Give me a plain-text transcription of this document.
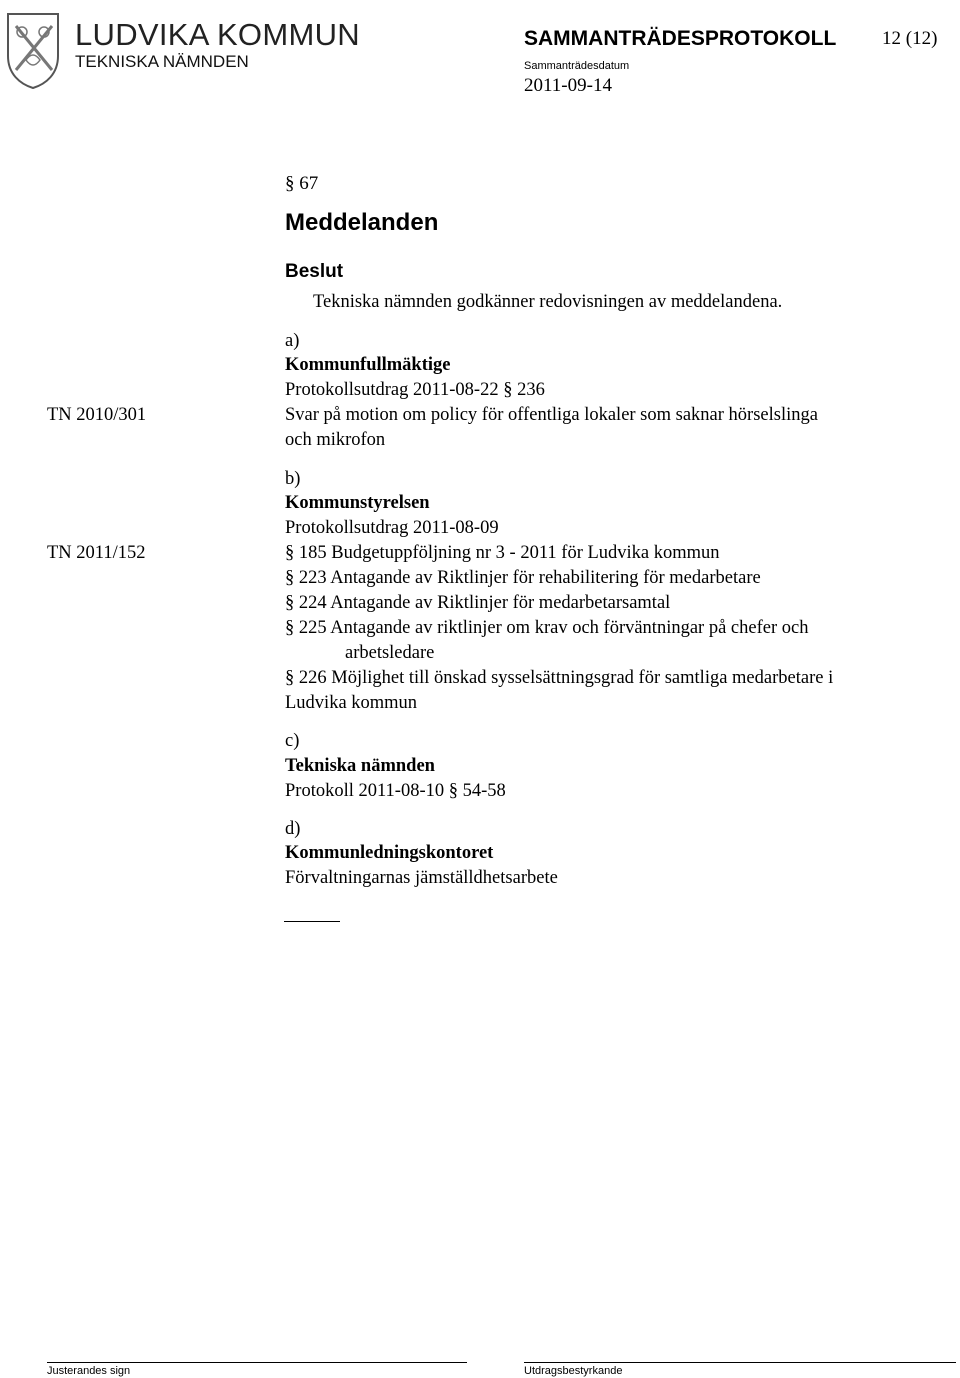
LUDVIKA KOMMUN
TEKNISKA NÄMNDEN
SAMMANTRÄDESPROTOKOLL 12 (12)
Sammanträdesdatum
2011-09-14
§ 67
Meddelanden
Beslut
Tekniska nämnden godkänner redovisningen av meddelandena.
a)
Kommunfullmäktige
Protokollsutdrag 2011-08-22 § 236
TN 2010/301	Svar på motion om policy för offentliga lokaler som saknar hörselslinga
och mikrofon
b)
Kommunstyrelsen
Protokollsutdrag 2011-08-09
TN 2011/152	§ 185 Budgetuppföljning nr 3 - 2011 för Ludvika kommun
§ 223 Antagande av Riktlinjer för rehabilitering för medarbetare
§ 224 Antagande av Riktlinjer för medarbetarsamtal
§ 225 Antagande av riktlinjer om krav och förväntningar på chefer och
arbetsledare
§ 226 Möjlighet till önskad sysselsättningsgrad för samtliga medarbetare i
Ludvika kommun
c)
Tekniska nämnden
Protokoll 2011-08-10 § 54-58
d)
Kommunledningskontoret
Förvaltningarnas jämställdhetsarbete
Justerandes sign	Utdragsbestyrkande
